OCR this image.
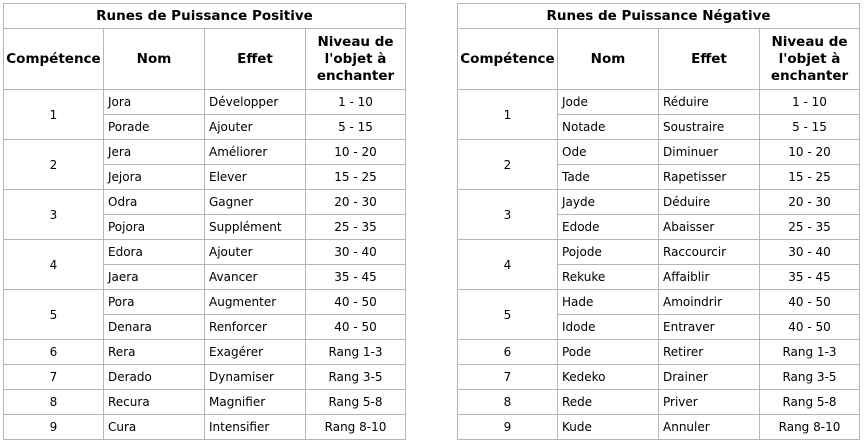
Runes de Puissance Positive			
Compétence	Nom	Effet	Niveau de l'objet à enchanter
1	Jora	Développer	1 - 10
	Porade	Ajouter	5 - 15
2	Jera	Améliorer	10 - 20
	Jejora	Elever	15 - 25
3	Odra	Gagner	20 - 30
	Pojora	Supplément	25 - 35
4	Edora	Ajouter	30 - 40
	Jaera	Avancer	35 - 45
5	Pora	Augmenter	40 - 50
	Denara	Renforcer	40 - 50
6	Rera	Exagérer	Rang 1-3
7	Derado	Dynamiser	Rang 3-5
8	Recura	Magnifier	Rang 5-8
9	Cura	Intensifier	Rang 8-10
Runes de Puissance Négative			
Compétence	Nom	Effet	Niveau de l'objet à enchanter
1	Jode	Réduire	1 - 10
	Notade	Soustraire	5 - 15
2	Ode	Diminuer	10 - 20
	Tade	Rapetisser	15 - 25
3	Jayde	Déduire	20 - 30
	Edode	Abaisser	25 - 35
4	Pojode	Raccourcir	30 - 40
	Rekuke	Affaiblir	35 - 45
5	Hade	Amoindrir	40 - 50
	Idode	Entraver	40 - 50
6	Pode	Retirer	Rang 1-3
7	Kedeko	Drainer	Rang 3-5
8	Rede	Priver	Rang 5-8
9	Kude	Annuler	Rang 8-10
